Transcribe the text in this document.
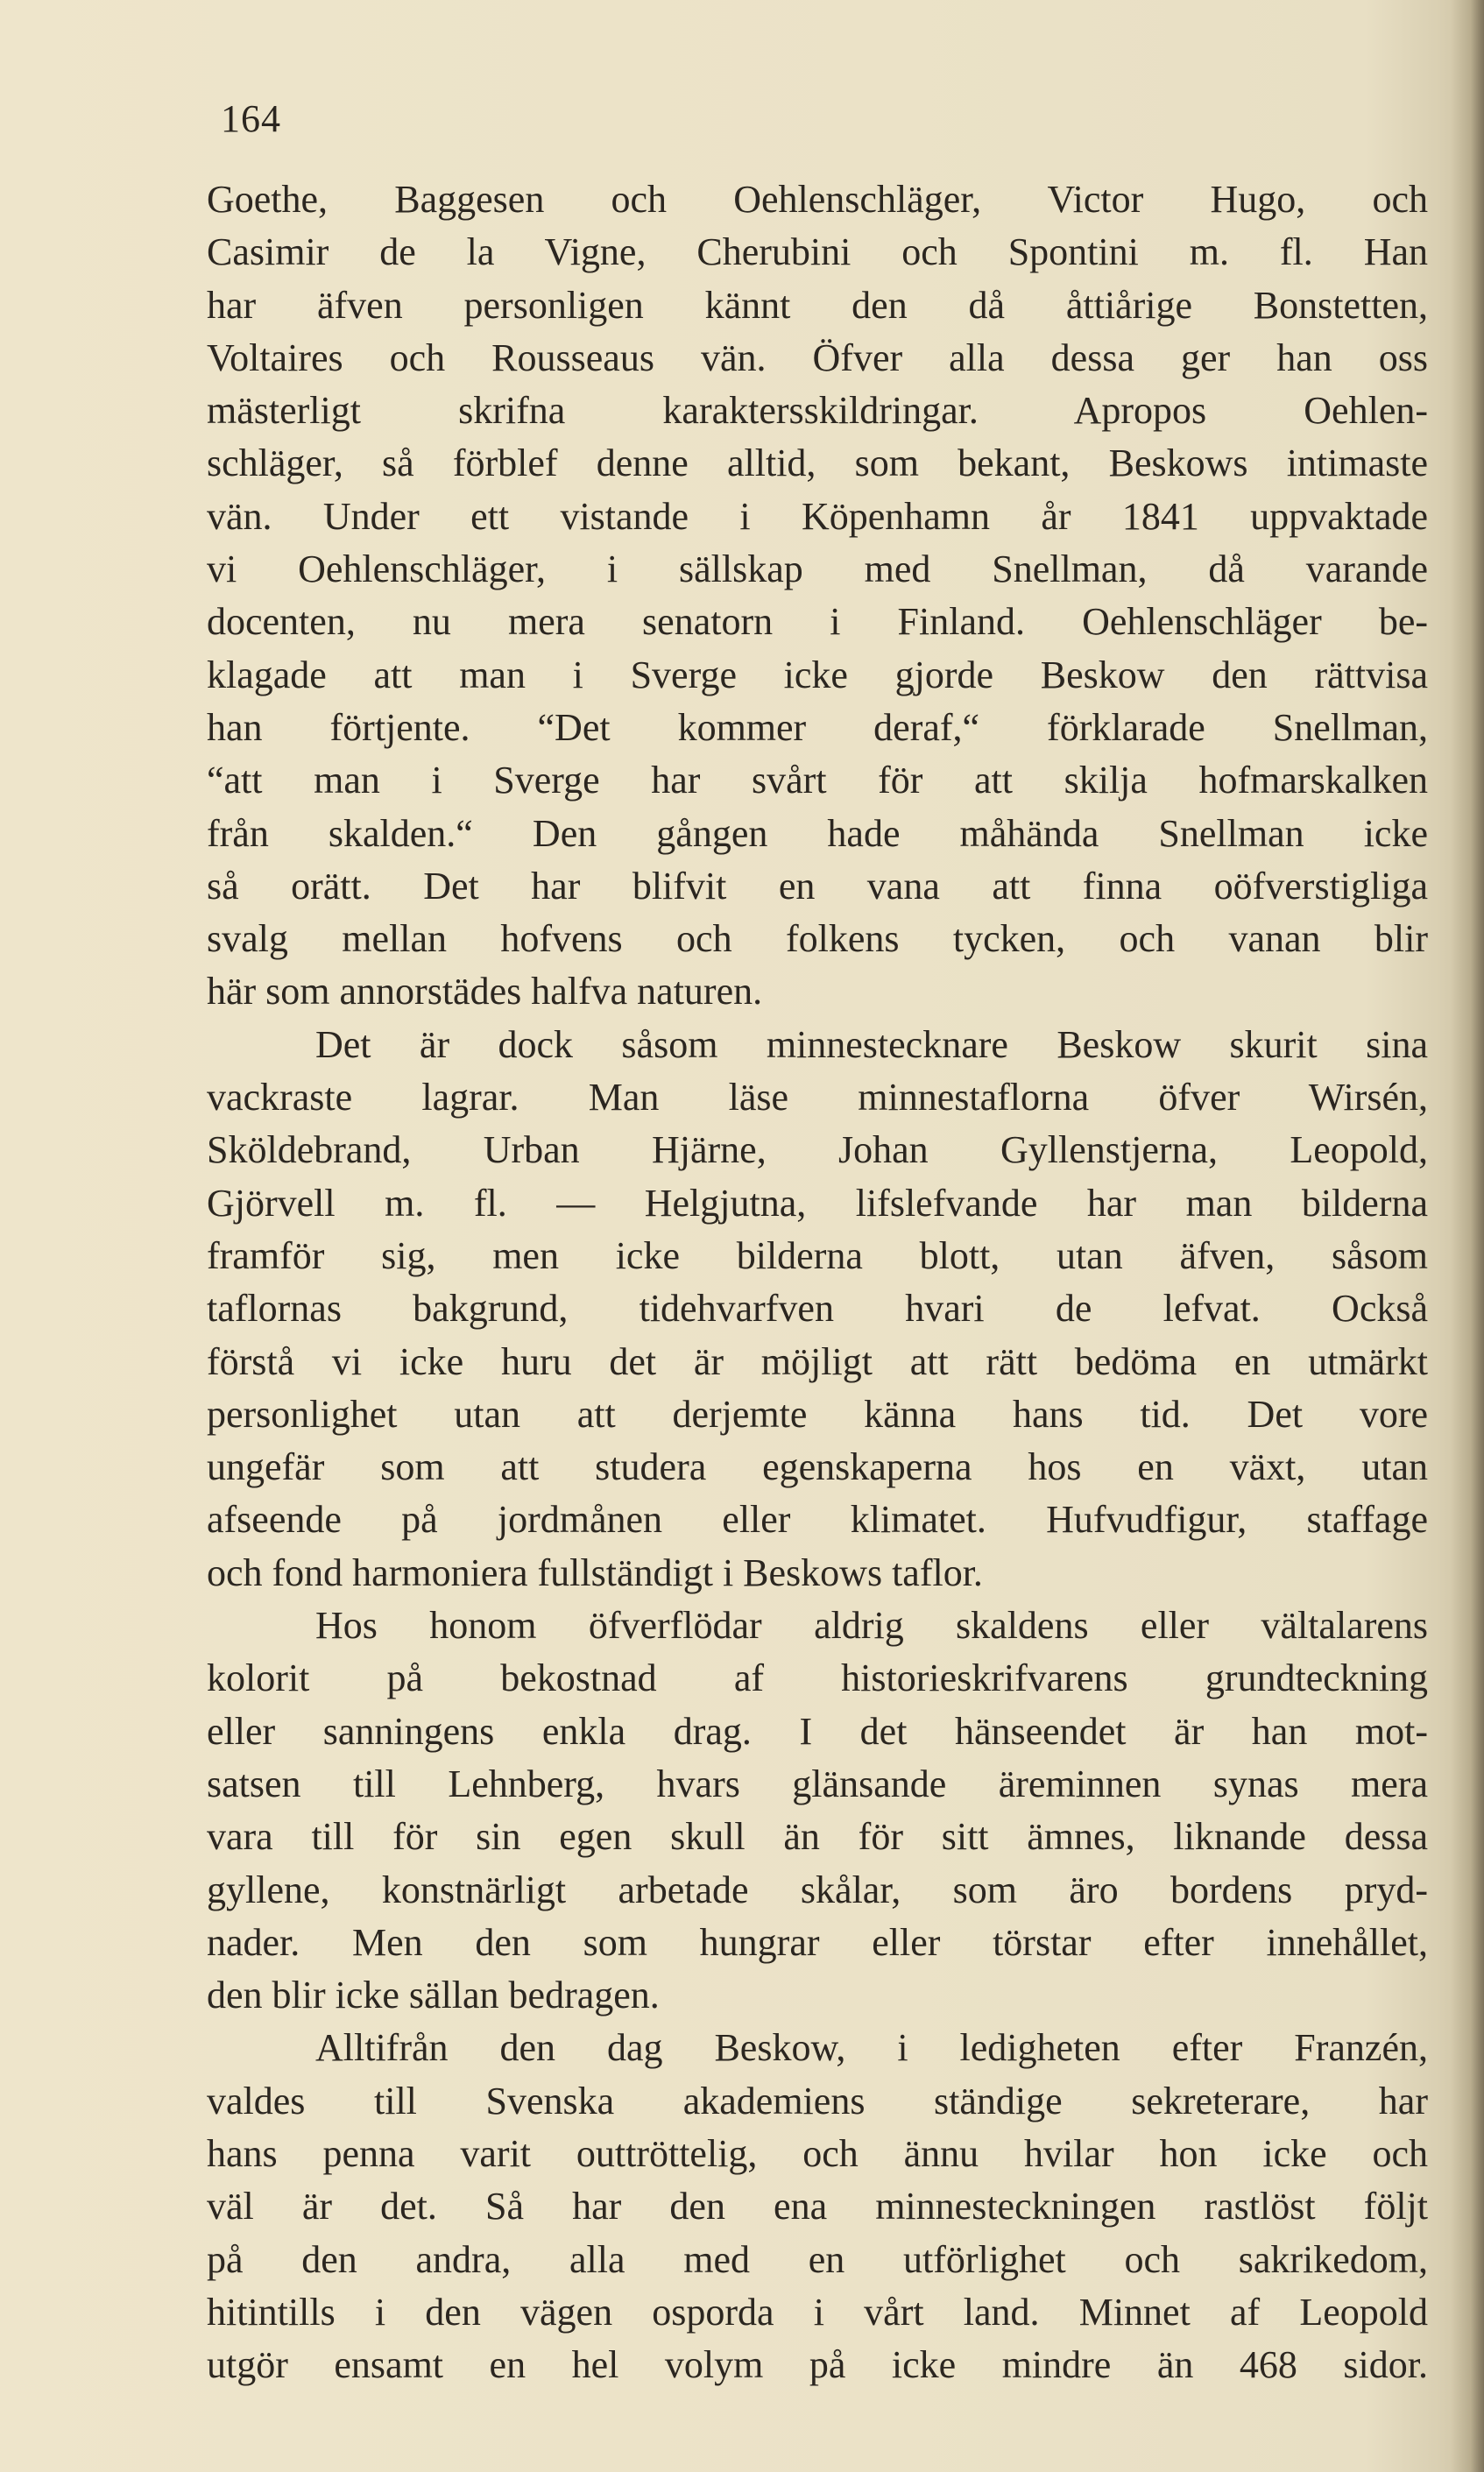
164
Goethe, Baggesen och Oehlenschläger, Victor Hugo, och
Casimir de la Vigne, Cherubini och Spontini m. fl. Han
har äfven personligen kännt den då åttiårige Bonstetten,
Voltaires och Rousseaus vän. Öfver alla dessa ger han oss
mästerligt skrifna karaktersskildringar. Apropos Oehlen-
schläger, så förblef denne alltid, som bekant, Beskows intimaste
vän. Under ett vistande i Köpenhamn år 1841 uppvaktade
vi Oehlenschläger, i sällskap med Snellman, då varande
docenten, nu mera senatorn i Finland. Oehlenschläger be-
klagade att man i Sverge icke gjorde Beskow den rättvisa
han förtjente. “Det kommer deraf,“ förklarade Snellman,
“att man i Sverge har svårt för att skilja hofmarskalken
från skalden.“ Den gången hade måhända Snellman icke
så orätt. Det har blifvit en vana att finna oöfverstigliga
svalg mellan hofvens och folkens tycken, och vanan blir
här som annorstädes halfva naturen.
Det är dock såsom minnestecknare Beskow skurit sina
vackraste lagrar. Man läse minnestaflorna öfver Wirsén,
Sköldebrand, Urban Hjärne, Johan Gyllenstjerna, Leopold,
Gjörvell m. fl. — Helgjutna, lifslefvande har man bilderna
framför sig, men icke bilderna blott, utan äfven, såsom
taflornas bakgrund, tidehvarfven hvari de lefvat. Också
förstå vi icke huru det är möjligt att rätt bedöma en utmärkt
personlighet utan att derjemte känna hans tid. Det vore
ungefär som att studera egenskaperna hos en växt, utan
afseende på jordmånen eller klimatet. Hufvudfigur, staffage
och fond harmoniera fullständigt i Beskows taflor.
Hos honom öfverflödar aldrig skaldens eller vältalarens
kolorit på bekostnad af historieskrifvarens grundteckning
eller sanningens enkla drag. I det hänseendet är han mot-
satsen till Lehnberg, hvars glänsande äreminnen synas mera
vara till för sin egen skull än för sitt ämnes, liknande dessa
gyllene, konstnärligt arbetade skålar, som äro bordens pryd-
nader. Men den som hungrar eller törstar efter innehållet,
den blir icke sällan bedragen.
Alltifrån den dag Beskow, i ledigheten efter Franzén,
valdes till Svenska akademiens ständige sekreterare, har
hans penna varit outtröttelig, och ännu hvilar hon icke och
väl är det. Så har den ena minnesteckningen rastlöst följt
på den andra, alla med en utförlighet och sakrikedom,
hitintills i den vägen osporda i vårt land. Minnet af Leopold
utgör ensamt en hel volym på icke mindre än 468 sidor.
